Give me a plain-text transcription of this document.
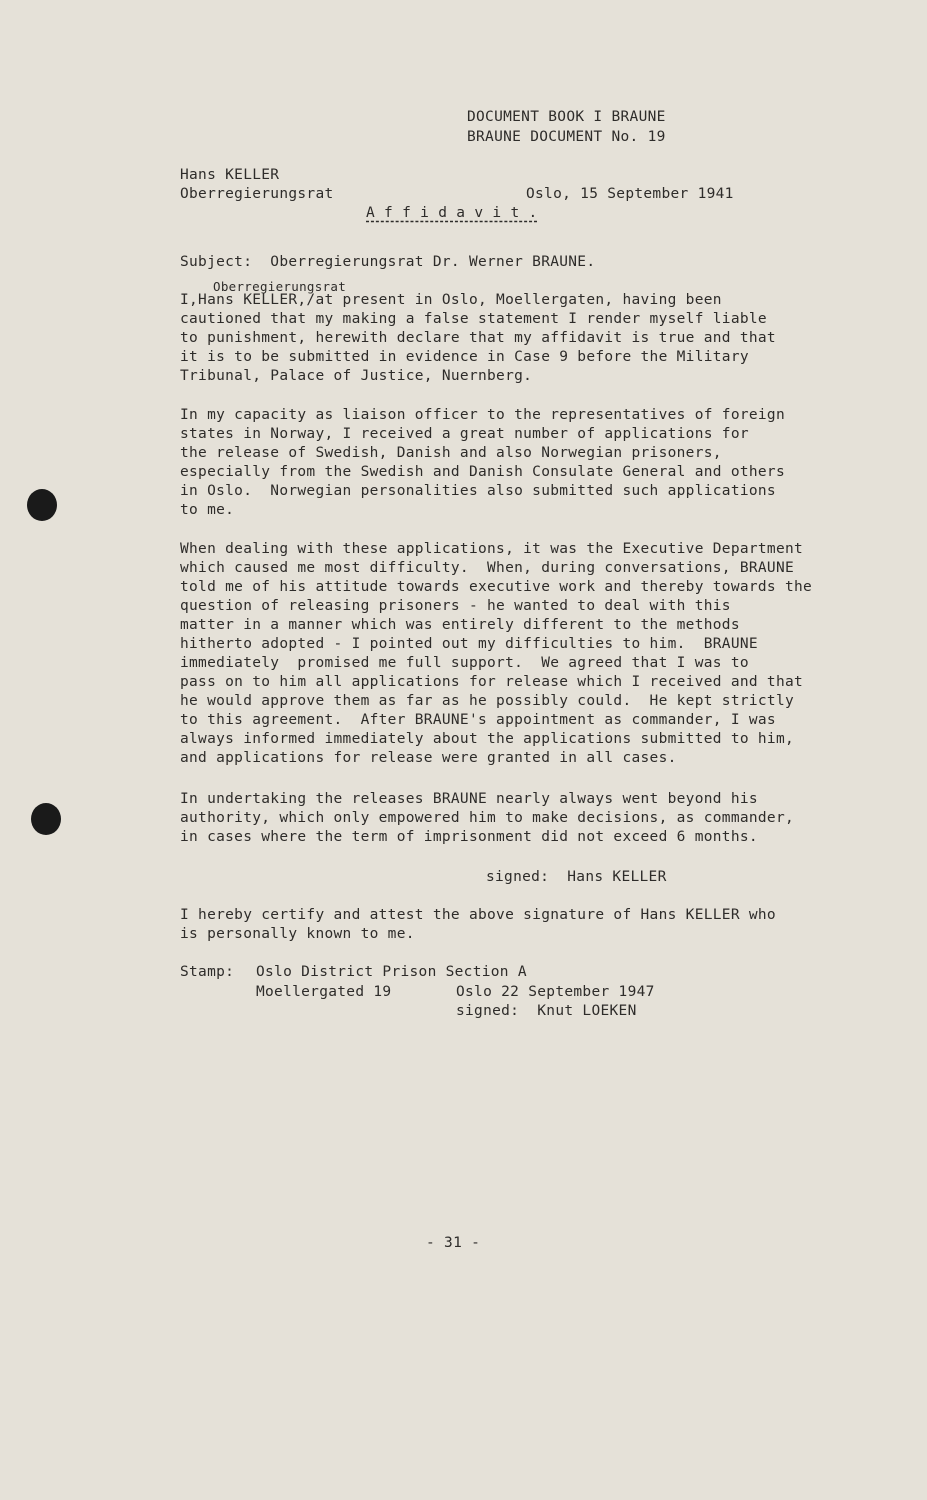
DOCUMENT BOOK I BRAUNE
BRAUNE DOCUMENT No. 19
Hans KELLER
Oberregierungsrat	Oslo, 15 September 1941
A f f i d a v i t .
Subject:  Oberregierungsrat Dr. Werner BRAUNE.
Oberregierungsrat
I,Hans KELLER,/at present in Oslo, Moellergaten, having been
cautioned that my making a false statement I render myself liable
to punishment, herewith declare that my affidavit is true and that
it is to be submitted in evidence in Case 9 before the Military
Tribunal, Palace of Justice, Nuernberg.
In my capacity as liaison officer to the representatives of foreign
states in Norway, I received a great number of applications for
the release of Swedish, Danish and also Norwegian prisoners,
especially from the Swedish and Danish Consulate General and others
in Oslo.  Norwegian personalities also submitted such applications
to me.
When dealing with these applications, it was the Executive Department
which caused me most difficulty.  When, during conversations, BRAUNE
told me of his attitude towards executive work and thereby towards the
question of releasing prisoners - he wanted to deal with this
matter in a manner which was entirely different to the methods
hitherto adopted - I pointed out my difficulties to him.  BRAUNE
immediately  promised me full support.  We agreed that I was to
pass on to him all applications for release which I received and that
he would approve them as far as he possibly could.  He kept strictly
to this agreement.  After BRAUNE's appointment as commander, I was
always informed immediately about the applications submitted to him,
and applications for release were granted in all cases.
In undertaking the releases BRAUNE nearly always went beyond his
authority, which only empowered him to make decisions, as commander,
in cases where the term of imprisonment did not exceed 6 months.
signed:  Hans KELLER
I hereby certify and attest the above signature of Hans KELLER who
is personally known to me.
Stamp: Oslo District Prison Section A
Moellergated 19	Oslo 22 September 1947
signed:  Knut LOEKEN
- 31 -
